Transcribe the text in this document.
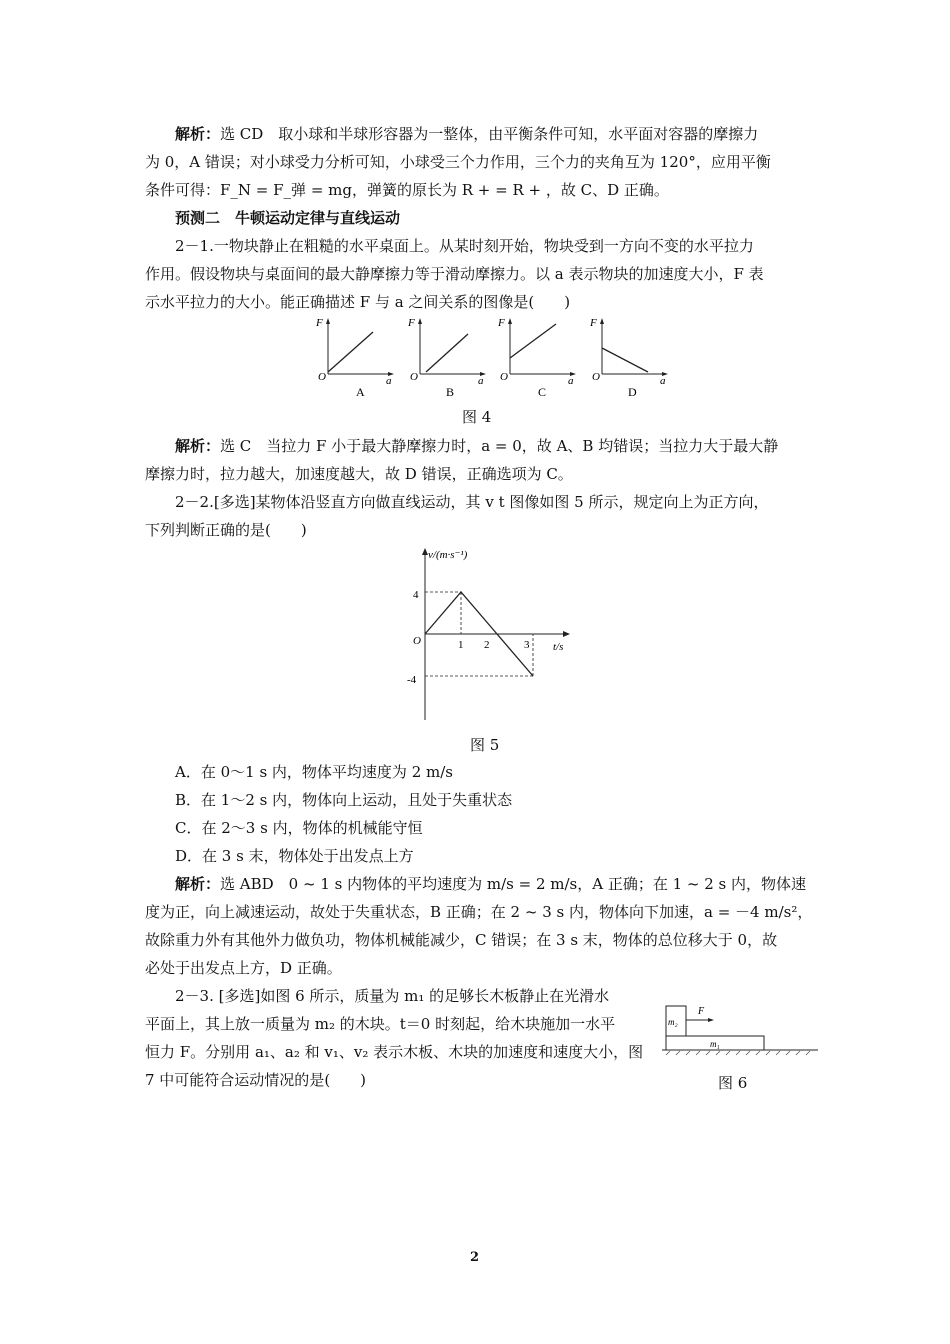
解析：选 CD　取小球和半球形容器为一整体，由平衡条件可知，水平面对容器的摩擦力
为 0，A 错误；对小球受力分析可知，小球受三个力作用，三个力的夹角互为 120°，应用平衡
条件可得：F_N = F_弹 = mg，弹簧的原长为 R + = R + ，故 C、D 正确。
预测二　牛顿运动定律与直线运动
2－1.一物块静止在粗糙的水平桌面上。从某时刻开始，物块受到一方向不变的水平拉力
作用。假设物块与桌面间的最大静摩擦力等于滑动摩擦力。以 a 表示物块的加速度大小，F 表
示水平拉力的大小。能正确描述 F 与 a 之间关系的图像是(　　)
F
O	a
A
F
O	a
B
F
O	a
C
F
O	a
D
图 4
解析：选 C　当拉力 F 小于最大静摩擦力时，a = 0，故 A、B 均错误；当拉力大于最大静
摩擦力时，拉力越大，加速度越大，故 D 错误，正确选项为 C。
2－2.[多选]某物体沿竖直方向做直线运动，其 v t 图像如图 5 所示，规定向上为正方向，
下列判断正确的是(　　)
v/(m·s⁻¹)
t/s
O
4
-4
1 2	3
图 5
A．在 0～1 s 内，物体平均速度为 2 m/s
B．在 1～2 s 内，物体向上运动，且处于失重状态
C．在 2～3 s 内，物体的机械能守恒
D．在 3 s 末，物体处于出发点上方
解析：选 ABD　0 ~ 1 s 内物体的平均速度为 m/s = 2 m/s，A 正确；在 1 ~ 2 s 内，物体速
度为正，向上减速运动，故处于失重状态，B 正确；在 2 ~ 3 s 内，物体向下加速，a = －4 m/s²，
故除重力外有其他外力做负功，物体机械能减少，C 错误；在 3 s 末，物体的总位移大于 0，故
必处于出发点上方，D 正确。
2－3. [多选]如图 6 所示，质量为 m₁ 的足够长木板静止在光滑水
平面上，其上放一质量为 m₂ 的木块。t＝0 时刻起，给木块施加一水平
恒力 F。分别用 a₁、a₂ 和 v₁、v₂ 表示木板、木块的加速度和速度大小，图
7 中可能符合运动情况的是(　　)
m₂
F
m₁
图 6
2
